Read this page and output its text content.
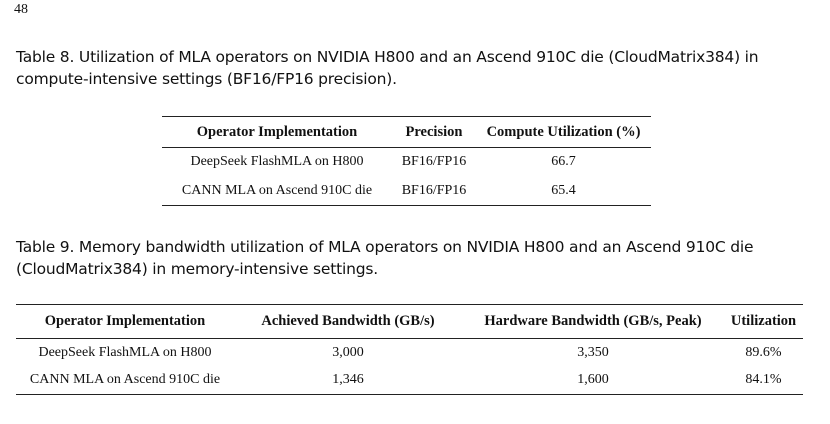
48
Table 8. Utilization of MLA operators on NVIDIA H800 and an Ascend 910C die (CloudMatrix384) in compute-intensive settings (BF16/FP16 precision).
Operator Implementation	Precision	Compute Utilization (%)
DeepSeek FlashMLA on H800	BF16/FP16	66.7
CANN MLA on Ascend 910C die	BF16/FP16	65.4
Table 9. Memory bandwidth utilization of MLA operators on NVIDIA H800 and an Ascend 910C die (CloudMatrix384) in memory-intensive settings.
Operator Implementation	Achieved Bandwidth (GB/s)	Hardware Bandwidth (GB/s, Peak)	Utilization
DeepSeek FlashMLA on H800	3,000	3,350	89.6%
CANN MLA on Ascend 910C die	1,346	1,600	84.1%
